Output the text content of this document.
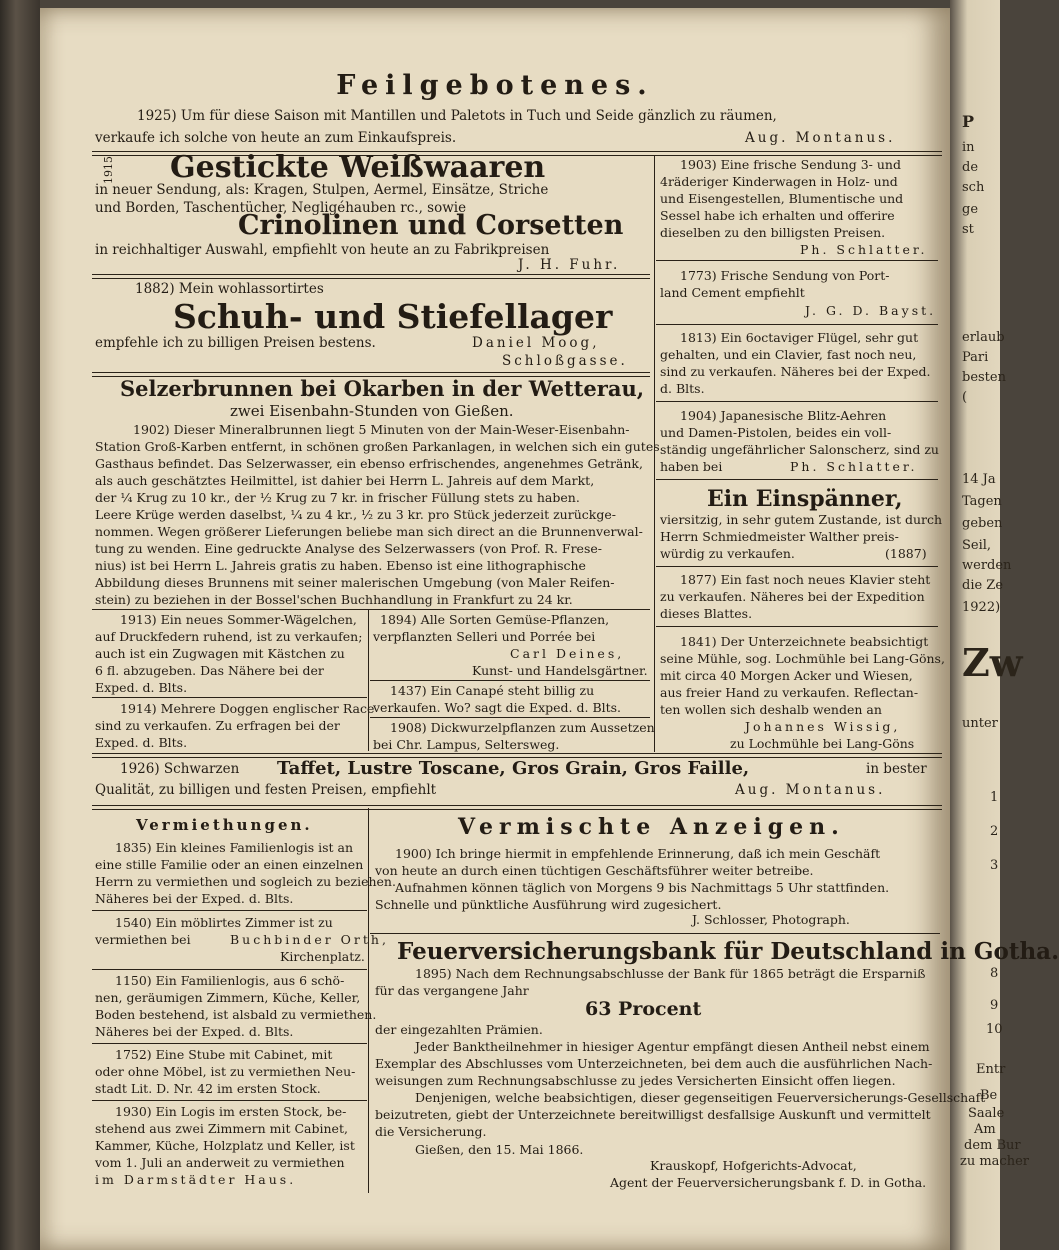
P
in
de
sch
ge
st
erlaub
Pari
besten
(
14 Ja
Tagen
geben
Seil,
werden
die Ze
1922)
Zw
unter
1
2
3
8
9
10
Entr
Be
Saale
Am
dem Bur
zu macher
Feilgebotenes.
1925) Um für diese Saison mit Mantillen und Paletots in Tuch und Seide gänzlich zu räumen,
verkaufe ich solche von heute an zum Einkaufspreis.	Aug. Montanus.
1915 Gestickte Weißwaaren
in neuer Sendung, als: Kragen, Stulpen, Aermel, Einsätze, Striche
und Borden, Taschentücher, Negligéhauben rc., sowie
Crinolinen und Corsetten
in reichhaltiger Auswahl, empfiehlt von heute an zu Fabrikpreisen
J. H. Fuhr.
1882) Mein wohlassortirtes
Schuh- und Stiefellager
empfehle ich zu billigen Preisen bestens.	Daniel Moog,
Schloßgasse.
Selzerbrunnen bei Okarben in der Wetterau,
zwei Eisenbahn-Stunden von Gießen.
1902) Dieser Mineralbrunnen liegt 5 Minuten von der Main-Weser-Eisenbahn-
Station Groß-Karben entfernt, in schönen großen Parkanlagen, in welchen sich ein gutes
Gasthaus befindet. Das Selzerwasser, ein ebenso erfrischendes, angenehmes Getränk,
als auch geschätztes Heilmittel, ist dahier bei Herrn L. Jahreis auf dem Markt,
der ¼ Krug zu 10 kr., der ½ Krug zu 7 kr. in frischer Füllung stets zu haben.
Leere Krüge werden daselbst, ¼ zu 4 kr., ½ zu 3 kr. pro Stück jederzeit zurückge-
nommen. Wegen größerer Lieferungen beliebe man sich direct an die Brunnenverwal-
tung zu wenden. Eine gedruckte Analyse des Selzerwassers (von Prof. R. Frese-
nius) ist bei Herrn L. Jahreis gratis zu haben. Ebenso ist eine lithographische
Abbildung dieses Brunnens mit seiner malerischen Umgebung (von Maler Reifen-
stein) zu beziehen in der Bossel'schen Buchhandlung in Frankfurt zu 24 kr.
1913) Ein neues Sommer-Wägelchen,
auf Druckfedern ruhend, ist zu verkaufen;
auch ist ein Zugwagen mit Kästchen zu
6 fl. abzugeben. Das Nähere bei der
Exped. d. Blts.
1914) Mehrere Doggen englischer Race
sind zu verkaufen. Zu erfragen bei der
Exped. d. Blts.
1894) Alle Sorten Gemüse-Pflanzen,
verpflanzten Selleri und Porrée bei
Carl Deines,
Kunst- und Handelsgärtner.
1437) Ein Canapé steht billig zu
verkaufen. Wo? sagt die Exped. d. Blts.
1908) Dickwurzelpflanzen zum Aussetzen
bei Chr. Lampus, Seltersweg.
1903) Eine frische Sendung 3- und
4räderiger Kinderwagen in Holz- und
und Eisengestellen, Blumentische und
Sessel habe ich erhalten und offerire
dieselben zu den billigsten Preisen.
Ph. Schlatter.
1773) Frische Sendung von Port-
land Cement empfiehlt
J. G. D. Bayst.
1813) Ein 6octaviger Flügel, sehr gut
gehalten, und ein Clavier, fast noch neu,
sind zu verkaufen. Näheres bei der Exped.
d. Blts.
1904) Japanesische Blitz-Aehren
und Damen-Pistolen, beides ein voll-
ständig ungefährlicher Salonscherz, sind zu
haben bei	Ph. Schlatter.
Ein Einspänner,
viersitzig, in sehr gutem Zustande, ist durch
Herrn Schmiedmeister Walther preis-
würdig zu verkaufen.	(1887)
1877) Ein fast noch neues Klavier steht
zu verkaufen. Näheres bei der Expedition
dieses Blattes.
1841) Der Unterzeichnete beabsichtigt
seine Mühle, sog. Lochmühle bei Lang-Göns,
mit circa 40 Morgen Acker und Wiesen,
aus freier Hand zu verkaufen. Reflectan-
ten wollen sich deshalb wenden an
Johannes Wissig,
zu Lochmühle bei Lang-Göns
1926) Schwarzen Taffet, Lustre Toscane, Gros Grain, Gros Faille,	in bester
Qualität, zu billigen und festen Preisen, empfiehlt	Aug. Montanus.
Vermiethungen.
1835) Ein kleines Familienlogis ist an
eine stille Familie oder an einen einzelnen
Herrn zu vermiethen und sogleich zu beziehen.
Näheres bei der Exped. d. Blts.
1540) Ein möblirtes Zimmer ist zu
vermiethen bei	Buchbinder Orth,
Kirchenplatz.
1150) Ein Familienlogis, aus 6 schö-
nen, geräumigen Zimmern, Küche, Keller,
Boden bestehend, ist alsbald zu vermiethen.
Näheres bei der Exped. d. Blts.
1752) Eine Stube mit Cabinet, mit
oder ohne Möbel, ist zu vermiethen Neu-
stadt Lit. D. Nr. 42 im ersten Stock.
1930) Ein Logis im ersten Stock, be-
stehend aus zwei Zimmern mit Cabinet,
Kammer, Küche, Holzplatz und Keller, ist
vom 1. Juli an anderweit zu vermiethen
im Darmstädter Haus.
Vermischte Anzeigen.
1900) Ich bringe hiermit in empfehlende Erinnerung, daß ich mein Geschäft
von heute an durch einen tüchtigen Geschäftsführer weiter betreibe.
Aufnahmen können täglich von Morgens 9 bis Nachmittags 5 Uhr stattfinden.
Schnelle und pünktliche Ausführung wird zugesichert.
J. Schlosser, Photograph.
Feuerversicherungsbank für Deutschland in Gotha.
1895) Nach dem Rechnungsabschlusse der Bank für 1865 beträgt die Ersparniß
für das vergangene Jahr
63 Procent
der eingezahlten Prämien.
Jeder Banktheilnehmer in hiesiger Agentur empfängt diesen Antheil nebst einem
Exemplar des Abschlusses vom Unterzeichneten, bei dem auch die ausführlichen Nach-
weisungen zum Rechnungsabschlusse zu jedes Versicherten Einsicht offen liegen.
Denjenigen, welche beabsichtigen, dieser gegenseitigen Feuerversicherungs-Gesellschaft
beizutreten, giebt der Unterzeichnete bereitwilligst desfallsige Auskunft und vermittelt
die Versicherung.
Gießen, den 15. Mai 1866.
Krauskopf, Hofgerichts-Advocat,
Agent der Feuerversicherungsbank f. D. in Gotha.
